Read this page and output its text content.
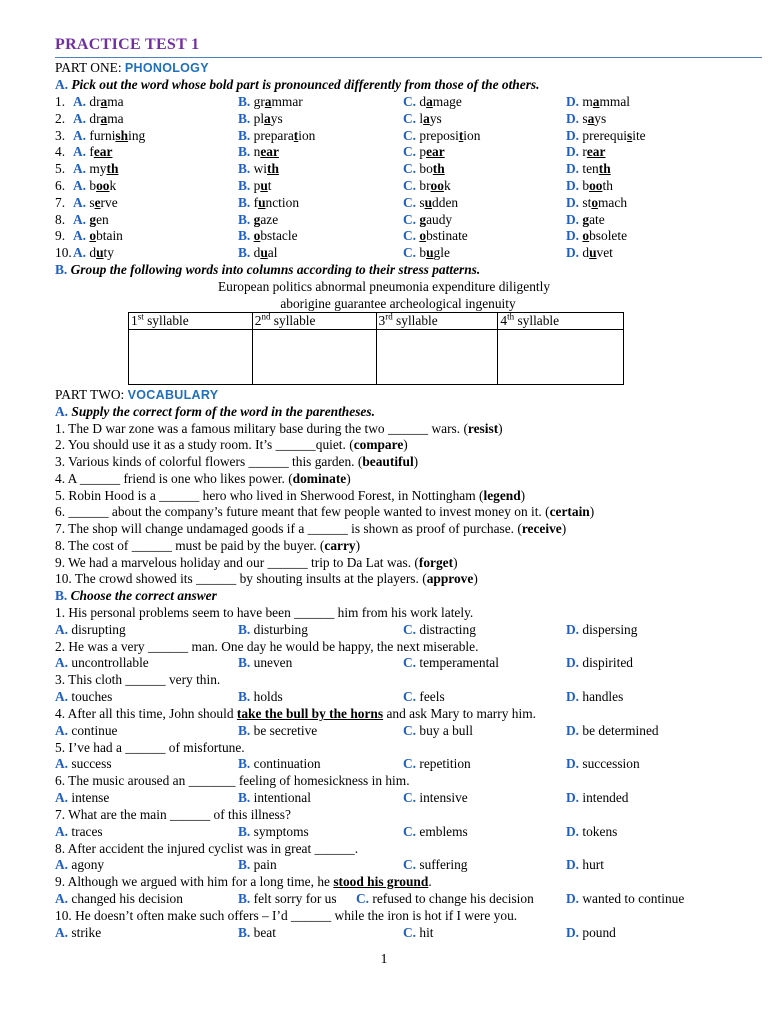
PRACTICE TEST 1
PART ONE: PHONOLOGY
A. Pick out the word whose bold part is pronounced differently from those of the others.
1. A. drama	B. grammar	C. damage	D. mammal
2. A. drama	B. plays	C. lays	D. says
3. A. furnishing	B. preparation	C. preposition	D. prerequisite
4. A. fear	B. near	C. pear	D. rear
5. A. myth	B. with	C. both	D. tenth
6. A. book	B. put	C. brook	D. booth
7. A. serve	B. function	C. sudden	D. stomach
8. A. gen	B. gaze	C. gaudy	D. gate
9. A. obtain	B. obstacle	C. obstinate	D. obsolete
10. A. duty	B. dual	C. bugle	D. duvet
B. Group the following words into columns according to their stress patterns.
European politics abnormal pneumonia expenditure diligently
aborigine guarantee archeological ingenuity
1st syllable	2nd syllable	3rd syllable	4th syllable

PART TWO: VOCABULARY
A. Supply the correct form of the word in the parentheses.
1. The D war zone was a famous military base during the two ______ wars. (resist)
2. You should use it as a study room. It’s ______quiet. (compare)
3. Various kinds of colorful flowers ______ this garden. (beautiful)
4. A ______ friend is one who likes power. (dominate)
5. Robin Hood is a ______ hero who lived in Sherwood Forest, in Nottingham (legend)
6. ______ about the company’s future meant that few people wanted to invest money on it. (certain)
7. The shop will change undamaged goods if a ______ is shown as proof of purchase. (receive)
8. The cost of ______ must be paid by the buyer. (carry)
9. We had a marvelous holiday and our ______ trip to Da Lat was. (forget)
10. The crowd showed its ______ by shouting insults at the players. (approve)
B. Choose the correct answer
1. His personal problems seem to have been ______ him from his work lately.
A. disrupting	B. disturbing	C. distracting	D. dispersing
2. He was a very ______ man. One day he would be happy, the next miserable.
A. uncontrollable	B. uneven	C. temperamental	D. dispirited
3. This cloth ______ very thin.
A. touches	B. holds	C. feels	D. handles
4. After all this time, John should take the bull by the horns and ask Mary to marry him.
A. continue	B. be secretive	C. buy a bull	D. be determined
5. I’ve had a ______ of misfortune.
A. success	B. continuation	C. repetition	D. succession
6. The music aroused an _______ feeling of homesickness in him.
A. intense	B. intentional	C. intensive	D. intended
7. What are the main ______ of this illness?
A. traces	B. symptoms	C. emblems	D. tokens
8. After accident the injured cyclist was in great ______.
A. agony	B. pain	C. suffering	D. hurt
9. Although we argued with him for a long time, he stood his ground.
A. changed his decision	B. felt sorry for us C. refused to change his decision D. wanted to continue
10. He doesn’t often make such offers – I’d ______ while the iron is hot if I were you.
A. strike	B. beat	C. hit	D. pound
1
